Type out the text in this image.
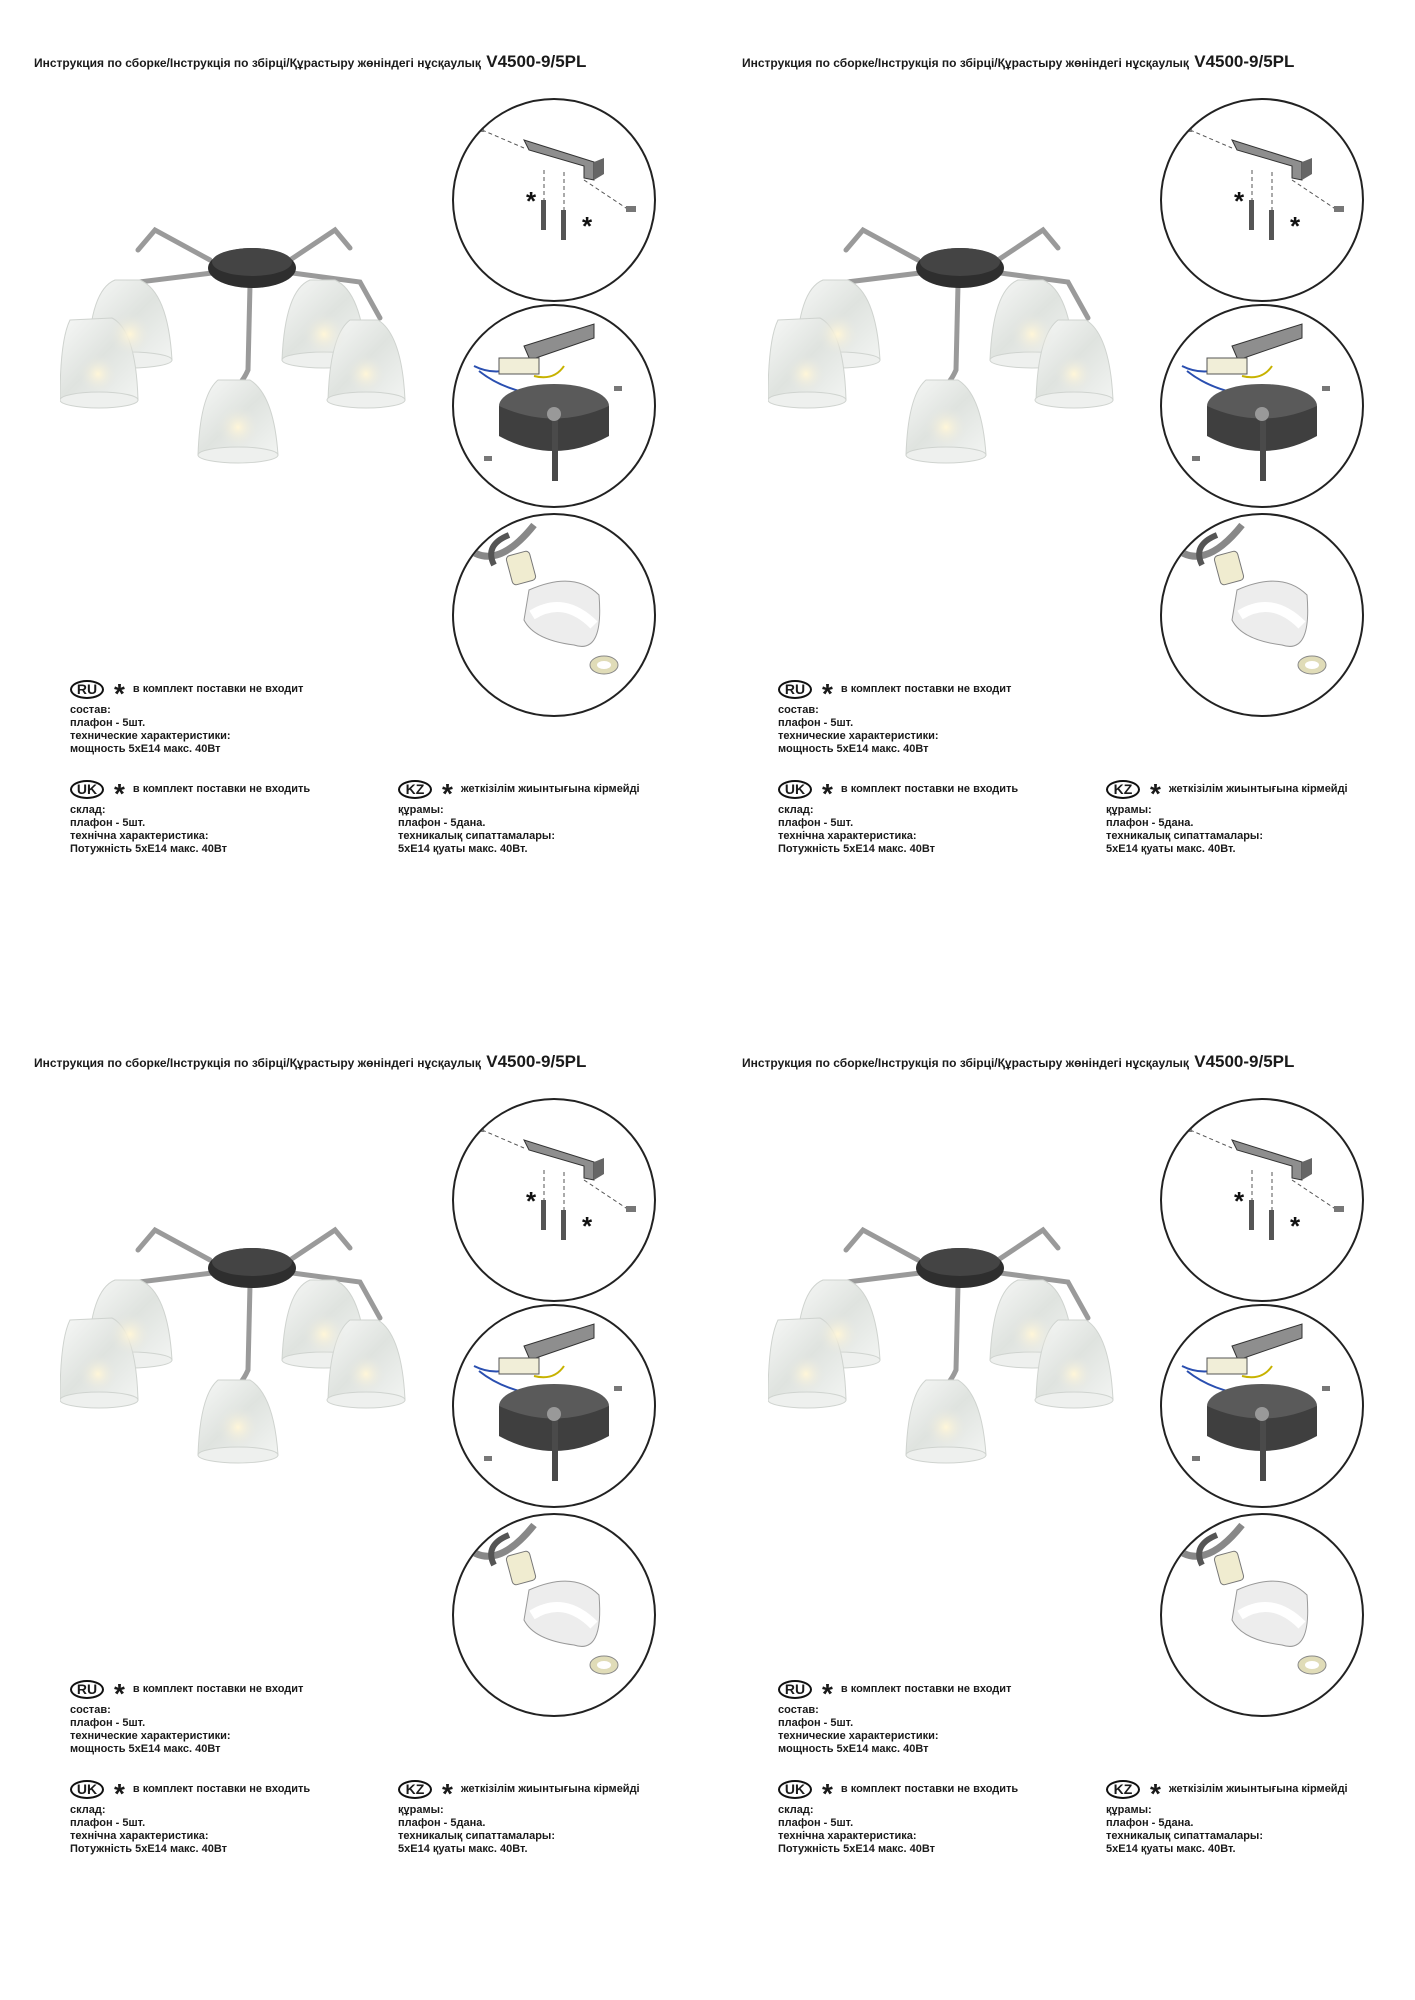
Инструкция по сборке/Інструкція по збірці/Құрастыру жөніндегі нұсқаулық V4500-9/5PL
*
*
RU * в комплект поставки не входит
состав:
плафон - 5шт.
технические характеристики:
мощность 5xE14 макс. 40Вт
UK * в комплект поставки не входить
склад:
плафон - 5шт.
технічна характеристика:
Потужність 5xE14 макс. 40Вт
KZ * жеткізілім жиынтығына кірмейді
құрамы:
плафон - 5дана.
техникалық сипаттамалары:
5xE14 қуаты макс. 40Вт.
Инструкция по сборке/Інструкція по збірці/Құрастыру жөніндегі нұсқаулық V4500-9/5PL
*
*
RU * в комплект поставки не входит
состав:
плафон - 5шт.
технические характеристики:
мощность 5xE14 макс. 40Вт
UK * в комплект поставки не входить
склад:
плафон - 5шт.
технічна характеристика:
Потужність 5xE14 макс. 40Вт
KZ * жеткізілім жиынтығына кірмейді
құрамы:
плафон - 5дана.
техникалық сипаттамалары:
5xE14 қуаты макс. 40Вт.
Инструкция по сборке/Інструкція по збірці/Құрастыру жөніндегі нұсқаулық V4500-9/5PL
*
*
RU * в комплект поставки не входит
состав:
плафон - 5шт.
технические характеристики:
мощность 5xE14 макс. 40Вт
UK * в комплект поставки не входить
склад:
плафон - 5шт.
технічна характеристика:
Потужність 5xE14 макс. 40Вт
KZ * жеткізілім жиынтығына кірмейді
құрамы:
плафон - 5дана.
техникалық сипаттамалары:
5xE14 қуаты макс. 40Вт.
Инструкция по сборке/Інструкція по збірці/Құрастыру жөніндегі нұсқаулық V4500-9/5PL
*
*
RU * в комплект поставки не входит
состав:
плафон - 5шт.
технические характеристики:
мощность 5xE14 макс. 40Вт
UK * в комплект поставки не входить
склад:
плафон - 5шт.
технічна характеристика:
Потужність 5xE14 макс. 40Вт
KZ * жеткізілім жиынтығына кірмейді
құрамы:
плафон - 5дана.
техникалық сипаттамалары:
5xE14 қуаты макс. 40Вт.
